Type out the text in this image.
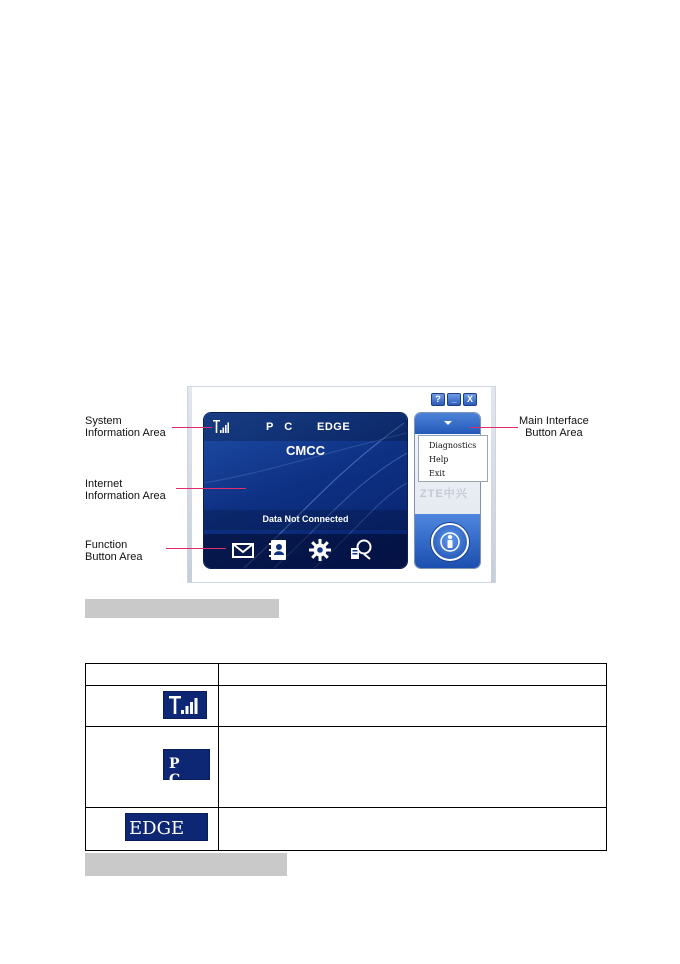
P C EDGE
CMCC
Data Not Connected
ZTE中兴
Diagnostics
Help
Exit
?	_	X
System
Information Area
Internet
Information Area
Function
Button Area
Main Interface
Button Area
P C
EDGE
